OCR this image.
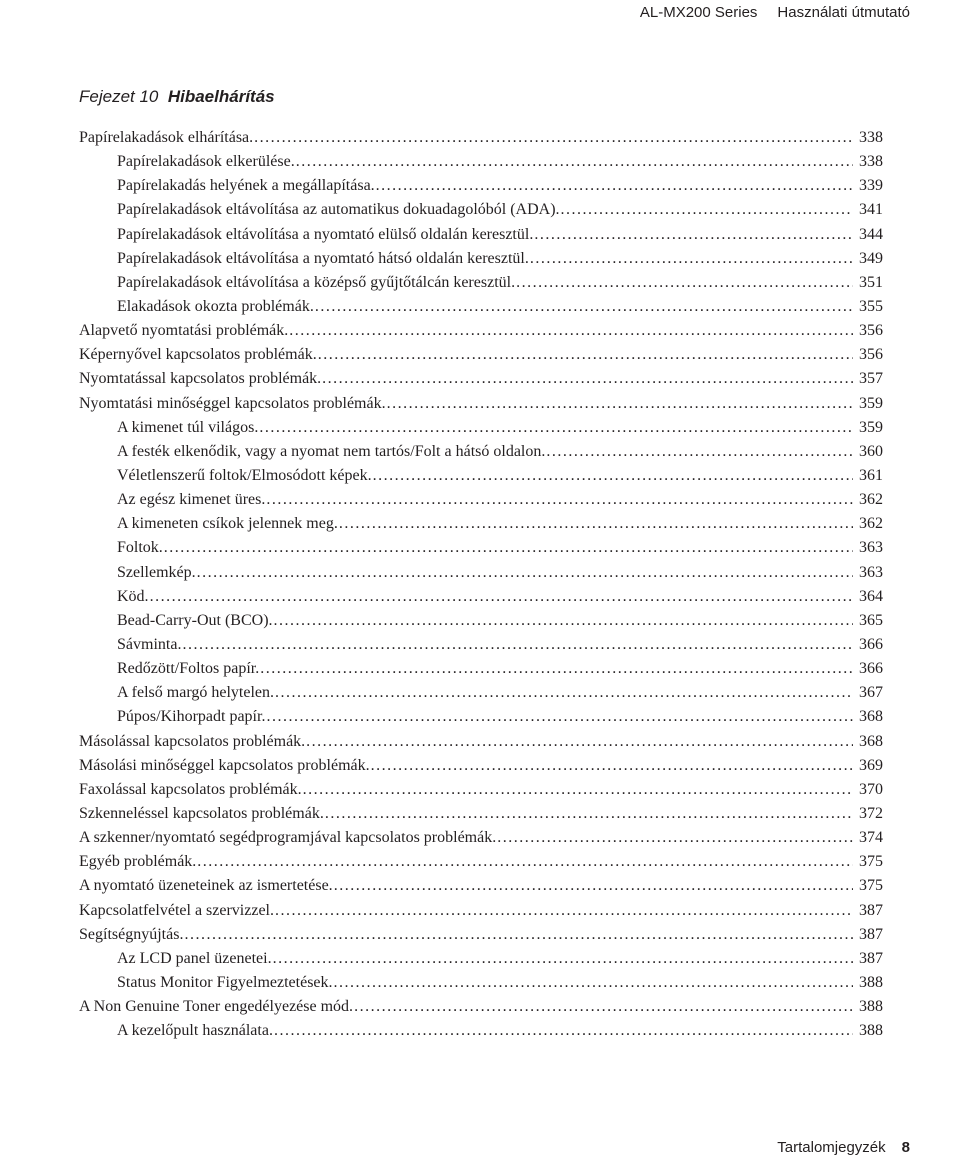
AL-MX200 Series Használati útmutató
Fejezet 10 Hibaelhárítás
Papírelakadások elhárítása. .....	338
Papírelakadások elkerülése. .....	338
Papírelakadás helyének a megállapítása. .....	339
Papírelakadások eltávolítása az automatikus dokuadagolóból (ADA). .....	341
Papírelakadások eltávolítása a nyomtató elülső oldalán keresztül. .....	344
Papírelakadások eltávolítása a nyomtató hátsó oldalán keresztül. .....	349
Papírelakadások eltávolítása a középső gyűjtőtálcán keresztül. .....	351
Elakadások okozta problémák. .....	355
Alapvető nyomtatási problémák. .....	356
Képernyővel kapcsolatos problémák. .....	356
Nyomtatással kapcsolatos problémák. .....	357
Nyomtatási minőséggel kapcsolatos problémák. .....	359
A kimenet túl világos. .....	359
A festék elkenődik, vagy a nyomat nem tartós/Folt a hátsó oldalon. .....	360
Véletlenszerű foltok/Elmosódott képek. .....	361
Az egész kimenet üres. .....	362
A kimeneten csíkok jelennek meg. .....	362
Foltok. .....	363
Szellemkép. .....	363
Köd. .....	364
Bead-Carry-Out (BCO). .....	365
Sávminta. .....	366
Redőzött/Foltos papír. .....	366
A felső margó helytelen. .....	367
Púpos/Kihorpadt papír. .....	368
Másolással kapcsolatos problémák. .....	368
Másolási minőséggel kapcsolatos problémák. .....	369
Faxolással kapcsolatos problémák. .....	370
Szkenneléssel kapcsolatos problémák. .....	372
A szkenner/nyomtató segédprogramjával kapcsolatos problémák. .....	374
Egyéb problémák. .....	375
A nyomtató üzeneteinek az ismertetése. .....	375
Kapcsolatfelvétel a szervizzel. .....	387
Segítségnyújtás. .....	387
Az LCD panel üzenetei. .....	387
Status Monitor Figyelmeztetések. .....	388
A Non Genuine Toner engedélyezése mód. .....	388
A kezelőpult használata. .....	388
Tartalomjegyzék 8
